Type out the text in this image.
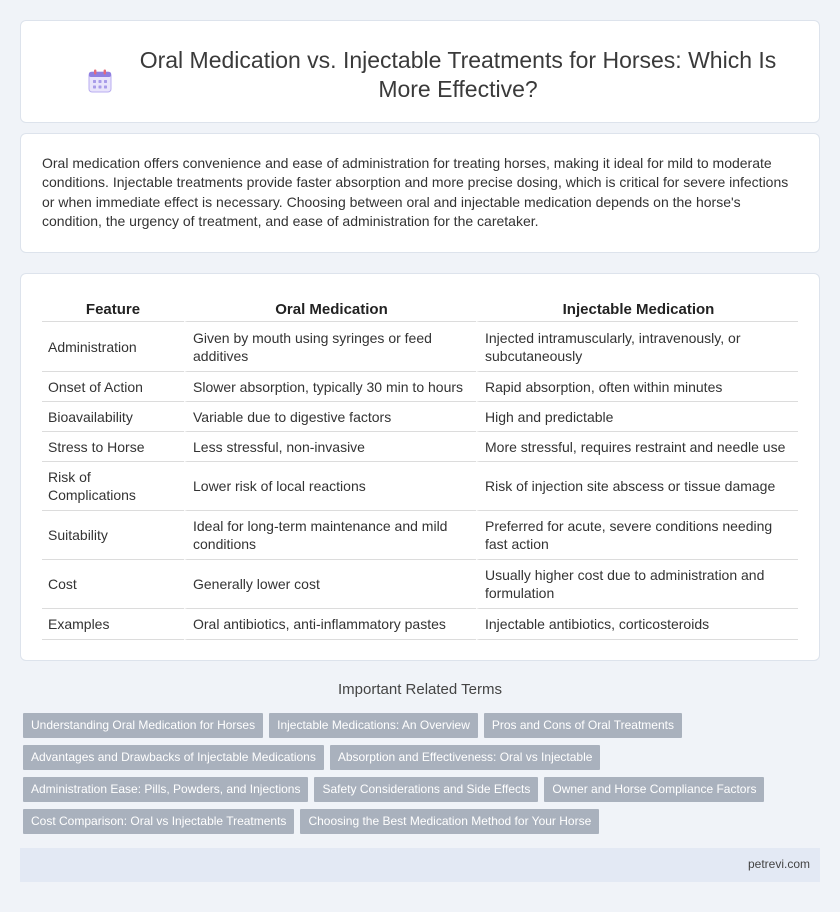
Oral Medication vs. Injectable Treatments for Horses: Which Is More Effective?

Oral medication offers convenience and ease of administration for treating horses, making it ideal for mild to moderate conditions. Injectable treatments provide faster absorption and more precise dosing, which is critical for severe infections or when immediate effect is necessary. Choosing between oral and injectable medication depends on the horse's condition, the urgency of treatment, and ease of administration for the caretaker.

Feature	Oral Medication	Injectable Medication
Administration	Given by mouth using syringes or feed additives	Injected intramuscularly, intravenously, or subcutaneously
Onset of Action	Slower absorption, typically 30 min to hours	Rapid absorption, often within minutes
Bioavailability	Variable due to digestive factors	High and predictable
Stress to Horse	Less stressful, non-invasive	More stressful, requires restraint and needle use
Risk of Complications	Lower risk of local reactions	Risk of injection site abscess or tissue damage
Suitability	Ideal for long-term maintenance and mild conditions	Preferred for acute, severe conditions needing fast action
Cost	Generally lower cost	Usually higher cost due to administration and formulation
Examples	Oral antibiotics, anti-inflammatory pastes	Injectable antibiotics, corticosteroids
Important Related Terms
Understanding Oral Medication for Horses	Injectable Medications: An Overview	Pros and Cons of Oral Treatments
Advantages and Drawbacks of Injectable Medications	Absorption and Effectiveness: Oral vs Injectable
Administration Ease: Pills, Powders, and Injections	Safety Considerations and Side Effects	Owner and Horse Compliance Factors
Cost Comparison: Oral vs Injectable Treatments	Choosing the Best Medication Method for Your Horse
petrevi.com
